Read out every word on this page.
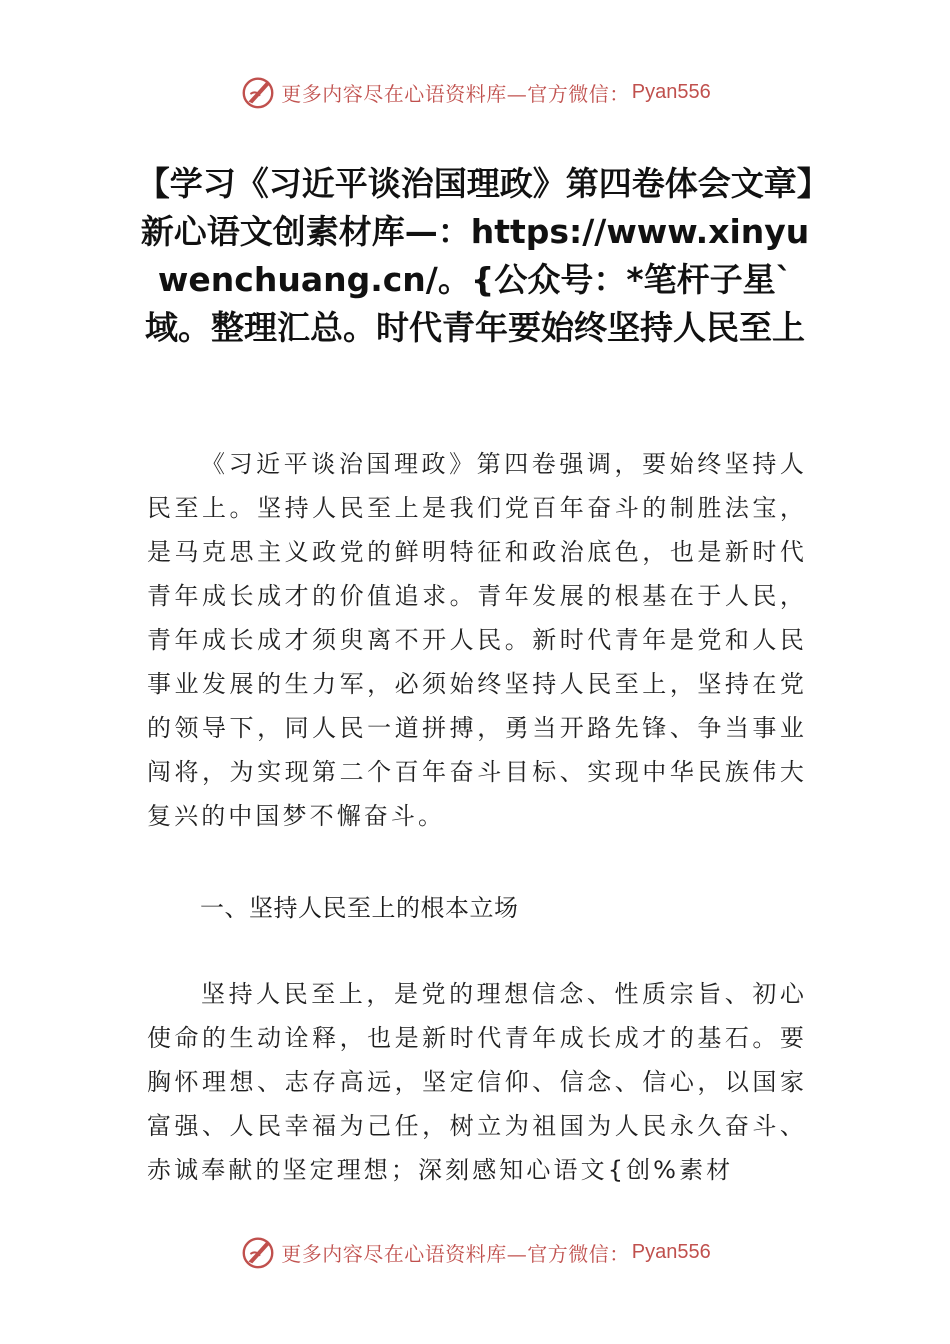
更多内容尽在心语资料库—官方微信： Pyan556
【学习《习近平谈治国理政》第四卷体会文章】新心语文创素材库—：https://www.xinyuwenchuang.cn/。{公众号：*笔杆子星`域。整理汇总。时代青年要始终坚持人民至上

《习近平谈治国理政》第四卷强调，要始终坚持人民至上。坚持人民至上是我们党百年奋斗的制胜法宝，是马克思主义政党的鲜明特征和政治底色，也是新时代青年成长成才的价值追求。青年发展的根基在于人民，青年成长成才须臾离不开人民。新时代青年是党和人民事业发展的生力军，必须始终坚持人民至上，坚持在党的领导下，同人民一道拼搏，勇当开路先锋、争当事业闯将，为实现第二个百年奋斗目标、实现中华民族伟大复兴的中国梦不懈奋斗。

一、坚持人民至上的根本立场

坚持人民至上，是党的理想信念、性质宗旨、初心使命的生动诠释，也是新时代青年成长成才的基石。要胸怀理想、志存高远，坚定信仰、信念、信心，以国家富强、人民幸福为己任，树立为祖国为人民永久奋斗、赤诚奉献的坚定理想；深刻感知心语文{创%素材

更多内容尽在心语资料库—官方微信： Pyan556
